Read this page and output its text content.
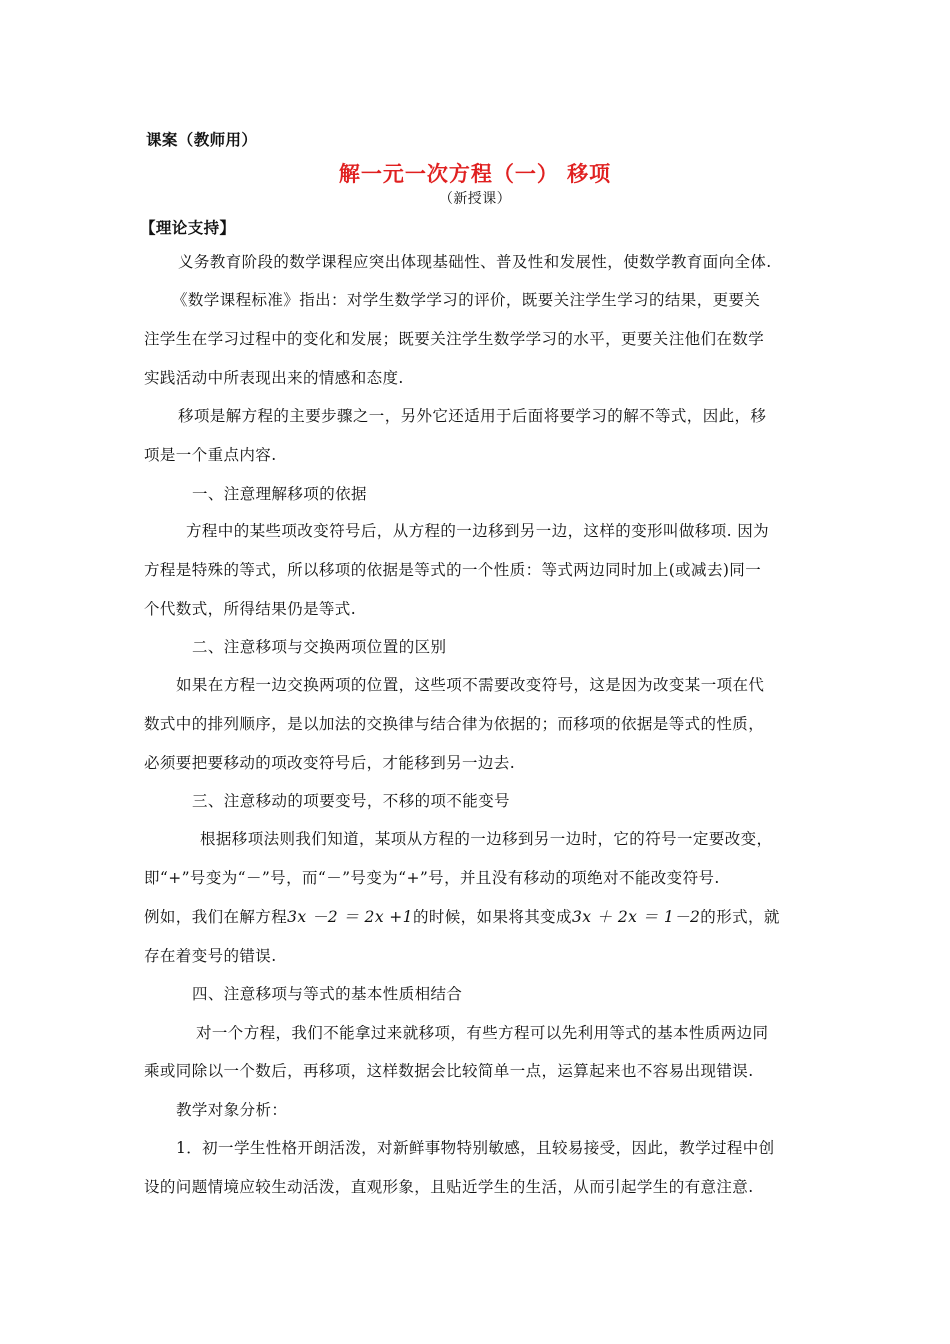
课案（教师用）
解一元一次方程（一） 移项
（新授课）
【理论支持】
义务教育阶段的数学课程应突出体现基础性、普及性和发展性，使数学教育面向全体.
《数学课程标准》指出：对学生数学学习的评价，既要关注学生学习的结果，更要关
注学生在学习过程中的变化和发展；既要关注学生数学学习的水平，更要关注他们在数学
实践活动中所表现出来的情感和态度.
移项是解方程的主要步骤之一，另外它还适用于后面将要学习的解不等式，因此，移
项是一个重点内容.
一、注意理解移项的依据
方程中的某些项改变符号后，从方程的一边移到另一边，这样的变形叫做移项. 因为
方程是特殊的等式，所以移项的依据是等式的一个性质：等式两边同时加上(或减去)同一
个代数式，所得结果仍是等式.
二、注意移项与交换两项位置的区别
如果在方程一边交换两项的位置，这些项不需要改变符号，这是因为改变某一项在代
数式中的排列顺序，是以加法的交换律与结合律为依据的；而移项的依据是等式的性质，
必须要把要移动的项改变符号后，才能移到另一边去.
三、注意移动的项要变号，不移的项不能变号
根据移项法则我们知道，某项从方程的一边移到另一边时，它的符号一定要改变，
即“+”号变为“－”号，而“－”号变为“+”号，并且没有移动的项绝对不能改变符号.
例如，我们在解方程3x －2 ＝ 2x +1的时候，如果将其变成3x ＋ 2x ＝ 1－2的形式，就
存在着变号的错误.
四、注意移项与等式的基本性质相结合
对一个方程，我们不能拿过来就移项，有些方程可以先利用等式的基本性质两边同
乘或同除以一个数后，再移项，这样数据会比较简单一点，运算起来也不容易出现错误.
教学对象分析：
1．初一学生性格开朗活泼，对新鲜事物特别敏感，且较易接受，因此，教学过程中创
设的问题情境应较生动活泼，直观形象，且贴近学生的生活，从而引起学生的有意注意.
